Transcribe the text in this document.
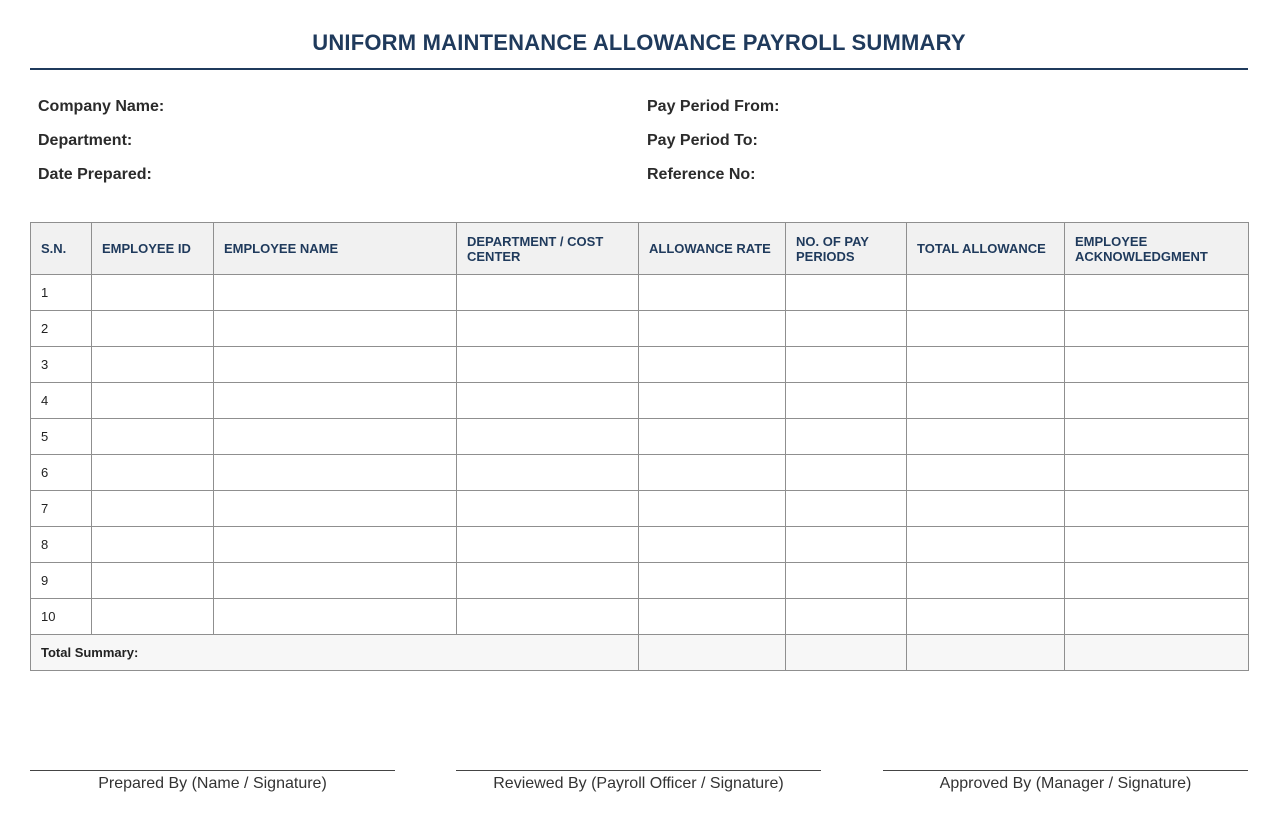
UNIFORM MAINTENANCE ALLOWANCE PAYROLL SUMMARY
Company Name:
Department:
Date Prepared:
Pay Period From:
Pay Period To:
Reference No:
S.N.	EMPLOYEE ID	EMPLOYEE NAME	DEPARTMENT / COST CENTER	ALLOWANCE RATE	NO. OF PAY PERIODS	TOTAL ALLOWANCE	EMPLOYEE ACKNOWLEDGMENT
1							
2							
3							
4							
5							
6							
7							
8							
9							
10							
Total Summary:							
Prepared By (Name / Signature)	Reviewed By (Payroll Officer / Signature)	Approved By (Manager / Signature)
